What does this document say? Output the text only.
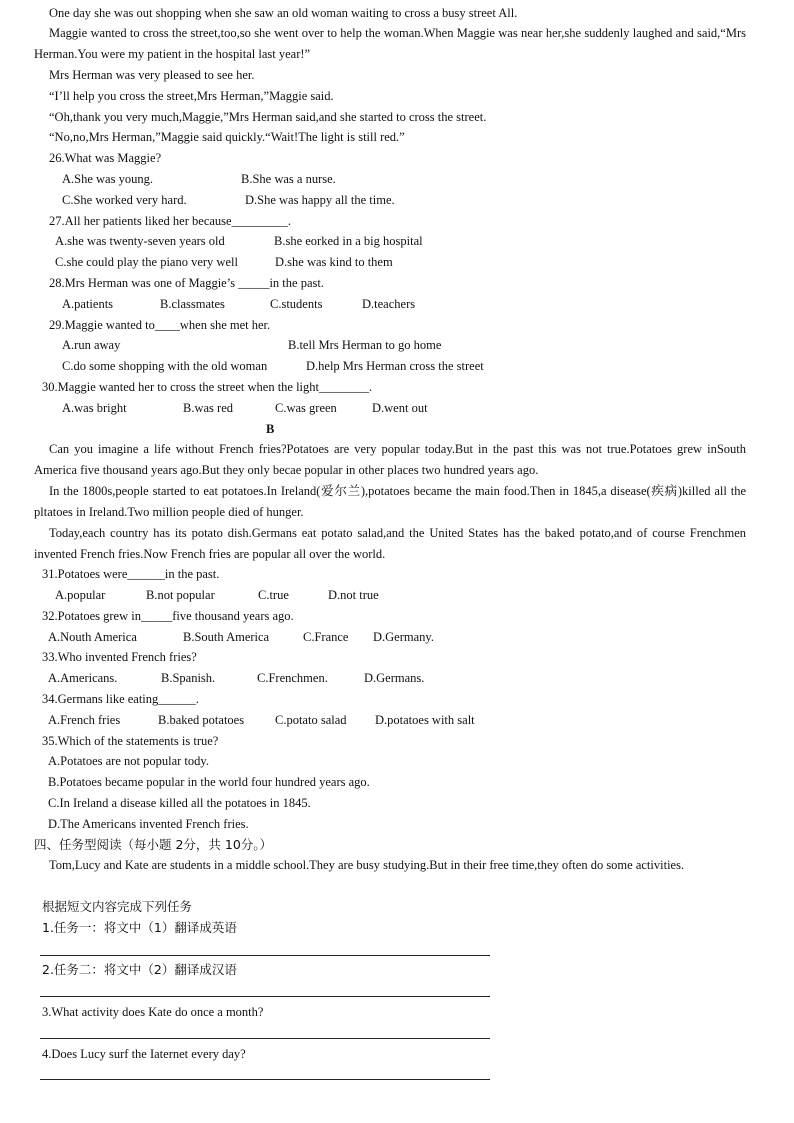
One day she was out shopping when she saw an old woman waiting to cross a busy street All.
Maggie wanted to cross the street,too,so she went over to help the woman.When Maggie was near her,she suddenly laughed and said,“Mrs Herman.You were my patient in the hospital last year!”
Mrs Herman was very pleased to see her.
“I’ll help you cross the street,Mrs Herman,”Maggie said.
“Oh,thank you very much,Maggie,”Mrs Herman said,and she started to cross the street.
“No,no,Mrs Herman,”Maggie said quickly.“Wait!The light is still red.”
26.What was Maggie?
A.She was young.	B.She was a nurse.
C.She worked very hard.	D.She was happy all the time.
27.All her patients liked her because_________.
A.she was twenty-seven years old	B.she eorked in a big hospital
C.she could play the piano very well	D.she was kind to them
28.Mrs Herman was one of Maggie’s _____in the past.
A.patients	B.classmates	C.students	D.teachers
29.Maggie wanted to____when she met her.
A.run away	B.tell Mrs Herman to go home
C.do some shopping with the old woman	D.help Mrs Herman cross the street
30.Maggie wanted her to cross the street when the light________.
A.was bright	B.was red	C.was green	D.went out
B
Can you imagine a life without French fries?Potatoes are very popular today.But in the past this was not true.Potatoes grew inSouth America five thousand years ago.But they only becae popular in other places two hundred years ago.
In the 1800s,people started to eat potatoes.In Ireland(爱尔兰),potatoes became the main food.Then in 1845,a disease(疾病)killed all the pltatoes in Ireland.Two million people died of hunger.
Today,each country has its potato dish.Germans eat potato salad,and the United States has the baked potato,and of course Frenchmen invented French fries.Now French fries are popular all over the world.
31.Potatoes were______in the past.
A.popular	B.not popular	C.true	D.not true
32.Potatoes grew in_____five thousand years ago.
A.Nouth America	B.South America	C.France D.Germany.
33.Who invented French fries?
A.Americans.	B.Spanish.	C.Frenchmen.	D.Germans.
34.Germans like eating______.
A.French fries	B.baked potatoes C.potato salad D.potatoes with salt
35.Which of the statements is true?
A.Potatoes are not popular tody.
B.Potatoes became popular in the world four hundred years ago.
C.In Ireland a disease killed all the potatoes in 1845.
D.The Americans invented French fries.
四、任务型阅读（每小题 2分，共 10分。）
Tom,Lucy and Kate are students in a middle school.They are busy studying.But in their free time,they often do some activities.
根据短文内容完成下列任务
1.任务一：将文中（1）翻译成英语
2.任务二：将文中（2）翻译成汉语
3.What activity does Kate do once a month?
4.Does Lucy surf the Iaternet every day?
